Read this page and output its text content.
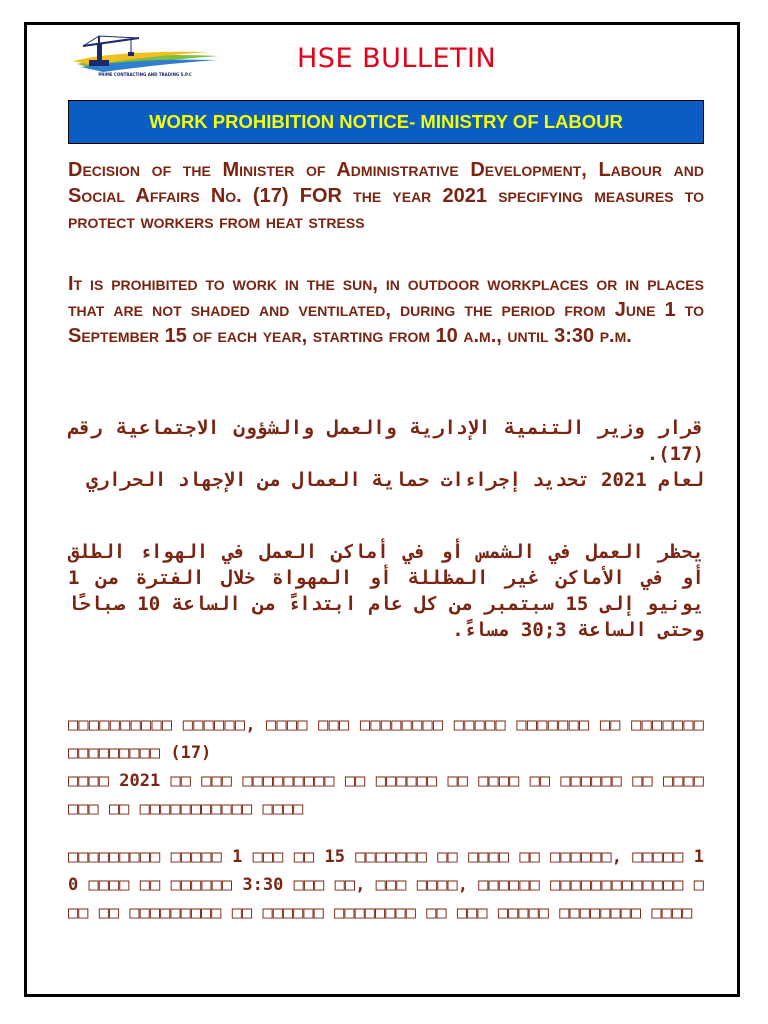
PRIME CONTRACTING AND TRADING S.P.C
HSE BULLETIN
WORK PROHIBITION NOTICE- MINISTRY OF LABOUR
Decision of the Minister of Administrative Development, Labour and Social Affairs No. (17) FOR the year 2021 specifying measures to protect workers from heat stress
It is prohibited to work in the sun, in outdoor workplaces or in places that are not shaded and ventilated, during the period from June 1 to September 15 of each year, starting from 10 a.m., until 3:30 p.m.
قرار وزير التنمية الإدارية والعمل والشؤون الاجتماعية رقم (17).
لعام 2021 تحديد إجراءات حماية العمال من الإجهاد الحراري
يحظر العمل في الشمس أو في أماكن العمل في الهواء الطلق أو في الأماكن غير المظللة أو المهواة خلال الفترة من 1 يونيو إلى 15 سبتمبر من كل عام ابتداءً من الساعة 10 صباحًا وحتى الساعة 3;30 مساءً.
□□□□□□□□□□ □□□□□□, □□□□ □□□ □□□□□□□□ □□□□□ □□□□□□□ □□ □□□□□□□ □□□□□□□□□ (17)
□□□□ 2021 □□ □□□ □□□□□□□□□ □□ □□□□□□ □□ □□□□ □□ □□□□□□ □□ □□□□□□□ □□ □□□□□□□□□□□ □□□□
□□□□□□□□□ □□□□□ 1 □□□ □□ 15 □□□□□□□ □□ □□□□ □□ □□□□□□, □□□□□ 10 □□□□ □□ □□□□□□ 3:30 □□□ □□, □□□ □□□□, □□□□□□ □□□□□□□□□□□□□ □□□ □□ □□□□□□□□□ □□ □□□□□□ □□□□□□□□ □□ □□□ □□□□□ □□□□□□□□ □□□□
